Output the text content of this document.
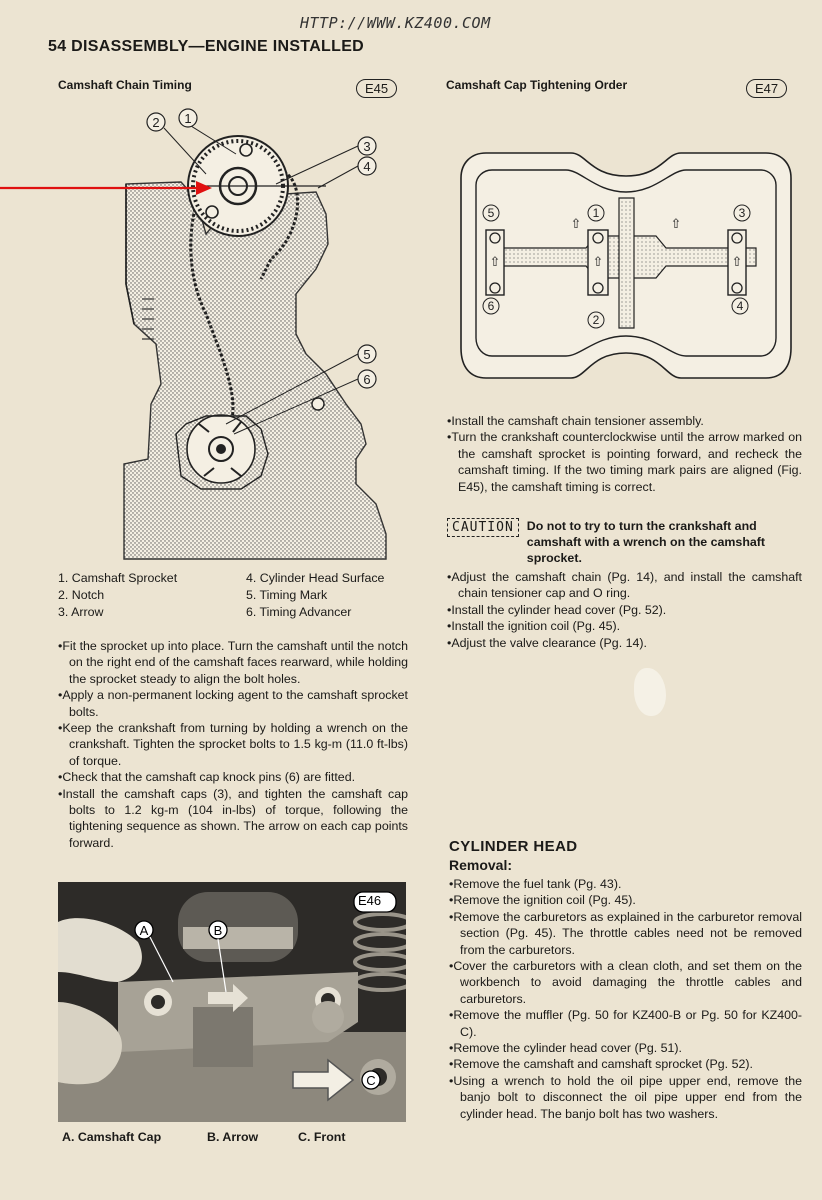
HTTP://WWW.KZ400.COM
54 DISASSEMBLY—ENGINE INSTALLED
Camshaft Chain Timing	E45
2 1
3
4
5
6
1. Camshaft Sprocket
2. Notch
3. Arrow
4. Cylinder Head Surface
5. Timing Mark
6. Timing Advancer

•Fit the sprocket up into place. Turn the camshaft until the notch on the right end of the camshaft faces rearward, while holding the sprocket steady to align the bolt holes.

•Apply a non-permanent locking agent to the camshaft sprocket bolts.

•Keep the crankshaft from turning by holding a wrench on the crankshaft. Tighten the sprocket bolts to 1.5 kg-m (11.0 ft-lbs) of torque.

•Check that the camshaft cap knock pins (6) are fitted.

•Install the camshaft caps (3), and tighten the camshaft cap bolts to 1.2 kg-m (104 in-lbs) of torque, following the tightening sequence as shown. The arrow on each cap points forward.

A	B
C
E46
A. Camshaft Cap	B. Arrow	C. Front
Camshaft Cap Tightening Order	E47
⇧	⇧	⇧
⇧	⇧
5	1	3
6
2
4

•Install the camshaft chain tensioner assembly.

•Turn the crankshaft counterclockwise until the arrow marked on the camshaft sprocket is pointing forward, and recheck the camshaft timing. If the two timing mark pairs are aligned (Fig. E45), the camshaft timing is correct.

CAUTION	Do not to try to turn the crankshaft and camshaft with a wrench on the camshaft sprocket.

•Adjust the camshaft chain (Pg. 14), and install the camshaft chain tensioner cap and O ring.

•Install the cylinder head cover (Pg. 52).

•Install the ignition coil (Pg. 45).

•Adjust the valve clearance (Pg. 14).

CYLINDER HEAD
Removal:

•Remove the fuel tank (Pg. 43).

•Remove the ignition coil (Pg. 45).

•Remove the carburetors as explained in the carburetor removal section (Pg. 45). The throttle cables need not be removed from the carburetors.

•Cover the carburetors with a clean cloth, and set them on the workbench to avoid damaging the throttle cables and carburetors.

•Remove the muffler (Pg. 50 for KZ400-B or Pg. 50 for KZ400-C).

•Remove the cylinder head cover (Pg. 51).

•Remove the camshaft and camshaft sprocket (Pg. 52).

•Using a wrench to hold the oil pipe upper end, remove the banjo bolt to disconnect the oil pipe upper end from the cylinder head. The banjo bolt has two washers.
